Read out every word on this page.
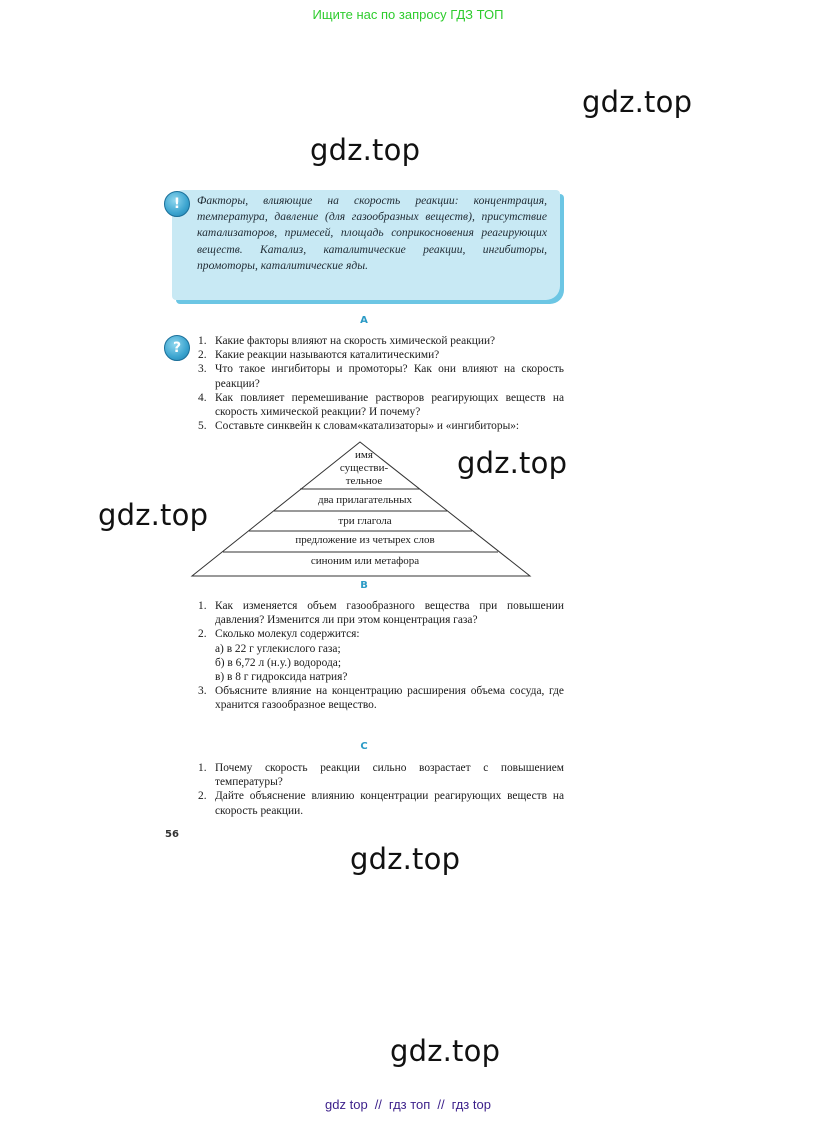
Ищите нас по запросу ГДЗ ТОП
gdz.top
gdz.top
!	Факторы, влияющие на скорость реакции: концентрация, температура, давление (для газообразных веществ), присутствие катализаторов, примесей, площадь соприкосновения реагирующих веществ. Катализ, каталитические реакции, ингибиторы, промоторы, каталитические яды.
А
?	1. Какие факторы влияют на скорость химической реакции?
2. Какие реакции называются каталитическими?
3. Что такое ингибиторы и промоторы? Как они влияют на скорость реакции?
4. Как повлияет перемешивание растворов реагирующих веществ на скорость химической реакции? И почему?
5. Составьте синквейн к словам«катализаторы» и «ингибиторы»:
имя
существи-
тельное
два прилагательных
три глагола
предложение из четырех слов
синоним или метафора
gdz.top
gdz.top
В
1. Как изменяется объем газообразного вещества при повышении давления? Изменится ли при этом концентрация газа?
2. Сколько молекул содержится:
а) в 22 г углекислого газа;
б) в 6,72 л (н.у.) водорода;
в) в 8 г гидроксида натрия?
3. Объясните влияние на концентрацию расширения объема сосуда, где хранится газообразное вещество.
С
1. Почему скорость реакции сильно возрастает с повышением температуры?
2. Дайте объяснение влиянию концентрации реагирующих веществ на скорость реакции.
56
gdz.top
gdz.top
gdz top // гдз топ // гдз top
